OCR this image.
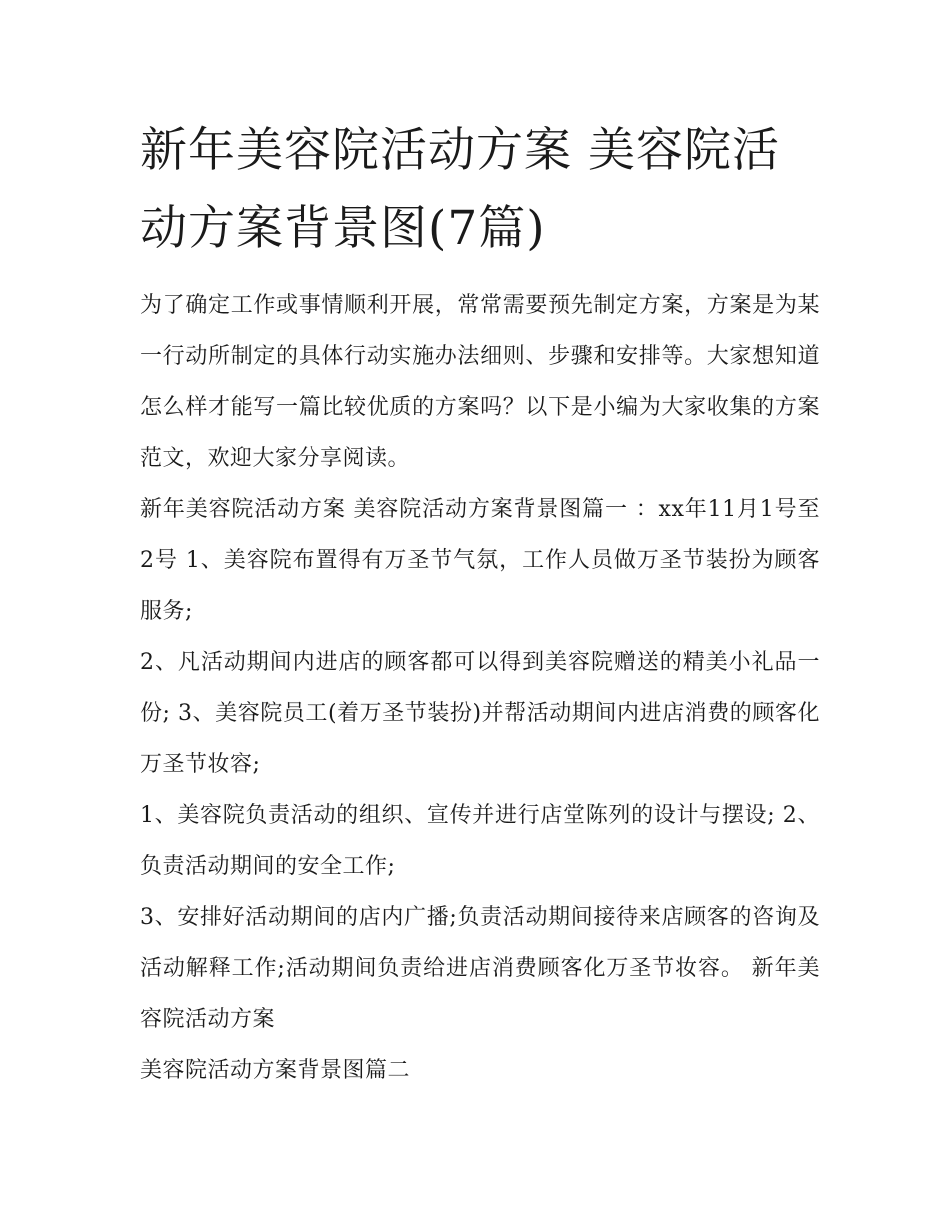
新年美容院活动方案 美容院活动方案背景图(7篇)

为了确定工作或事情顺利开展，常常需要预先制定方案，方案是为某一行动所制定的具体行动实施办法细则、步骤和安排等。大家想知道怎么样才能写一篇比较优质的方案吗？以下是小编为大家收集的方案范文，欢迎大家分享阅读。

新年美容院活动方案 美容院活动方案背景图篇一 ：xx年11月1号至2号 1、美容院布置得有万圣节气氛，工作人员做万圣节装扮为顾客服务;

2、凡活动期间内进店的顾客都可以得到美容院赠送的精美小礼品一份; 3、美容院员工(着万圣节装扮)并帮活动期间内进店消费的顾客化万圣节妆容;

1、美容院负责活动的组织、宣传并进行店堂陈列的设计与摆设; 2、负责活动期间的安全工作;

3、安排好活动期间的店内广播;负责活动期间接待来店顾客的咨询及活动解释工作;活动期间负责给进店消费顾客化万圣节妆容。 新年美容院活动方案

美容院活动方案背景图篇二
